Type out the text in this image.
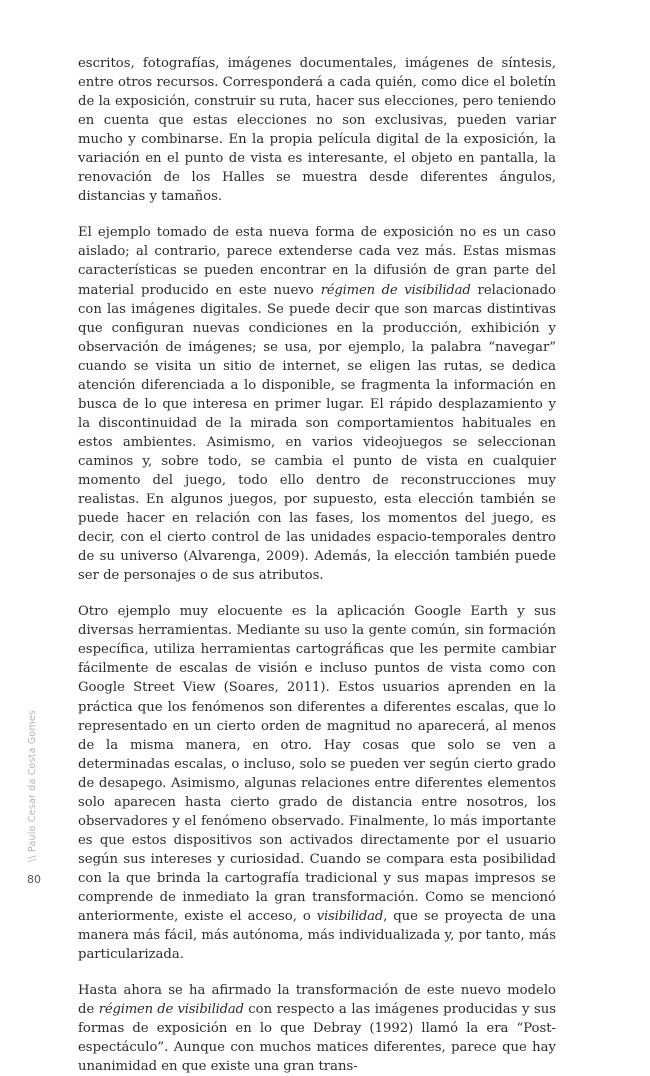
escritos, fotografías, imágenes documentales, imágenes de síntesis, entre otros recursos. Corresponderá a cada quién, como dice el boletín de la exposición, construir su ruta, hacer sus elecciones, pero teniendo en cuenta que estas elecciones no son exclusivas, pueden variar mucho y combinarse. En la propia película digital de la exposición, la variación en el punto de vista es interesante, el objeto en pantalla, la renovación de los Halles se muestra desde diferentes ángulos, distancias y tamaños.

El ejemplo tomado de esta nueva forma de exposición no es un caso aislado; al contrario, parece extenderse cada vez más. Estas mismas características se pueden encontrar en la difusión de gran parte del material producido en este nuevo régimen de visibilidad relacionado con las imágenes digitales. Se puede decir que son marcas distintivas que configuran nuevas condiciones en la producción, exhibición y observación de imágenes; se usa, por ejemplo, la palabra “navegar” cuando se visita un sitio de internet, se eligen las rutas, se dedica atención diferenciada a lo disponible, se fragmenta la información en busca de lo que interesa en primer lugar. El rápido desplazamiento y la discontinuidad de la mirada son comportamientos habituales en estos ambientes. Asimismo, en varios videojuegos se seleccionan caminos y, sobre todo, se cambia el punto de vista en cualquier momento del juego, todo ello dentro de reconstrucciones muy realistas. En algunos juegos, por supuesto, esta elección también se puede hacer en relación con las fases, los momentos del juego, es decir, con el cierto control de las unidades espacio-temporales dentro de su universo (Alvarenga, 2009). Además, la elección también puede ser de personajes o de sus atributos.

Otro ejemplo muy elocuente es la aplicación Google Earth y sus diversas herramientas. Mediante su uso la gente común, sin formación específica, utiliza herramientas cartográficas que les permite cambiar fácilmente de escalas de visión e incluso puntos de vista como con Google Street View (Soares, 2011). Estos usuarios aprenden en la práctica que los fenómenos son diferentes a diferentes escalas, que lo representado en un cierto orden de magnitud no aparecerá, al menos de la misma manera, en otro. Hay cosas que solo se ven a determinadas escalas, o incluso, solo se pueden ver según cierto grado de desapego. Asimismo, algunas relaciones entre diferentes elementos solo aparecen hasta cierto grado de distancia entre nosotros, los observadores y el fenómeno observado. Finalmente, lo más importante es que estos dispositivos son activados directamente por el usuario según sus intereses y curiosidad. Cuando se compara esta posibilidad con la que brinda la cartografía tradicional y sus mapas impresos se comprende de inmediato la gran transformación. Como se mencionó anteriormente, existe el acceso, o visibilidad, que se proyecta de una manera más fácil, más autónoma, más individualizada y, por tanto, más particularizada.

Hasta ahora se ha afirmado la transformación de este nuevo modelo de régimen de visibilidad con respecto a las imágenes producidas y sus formas de exposición en lo que Debray (1992) llamó la era “Post-espectáculo”. Aunque con muchos matices diferentes, parece que hay unanimidad en que existe una gran trans-

\\ Paulo Cesar da Costa Gomes
80
